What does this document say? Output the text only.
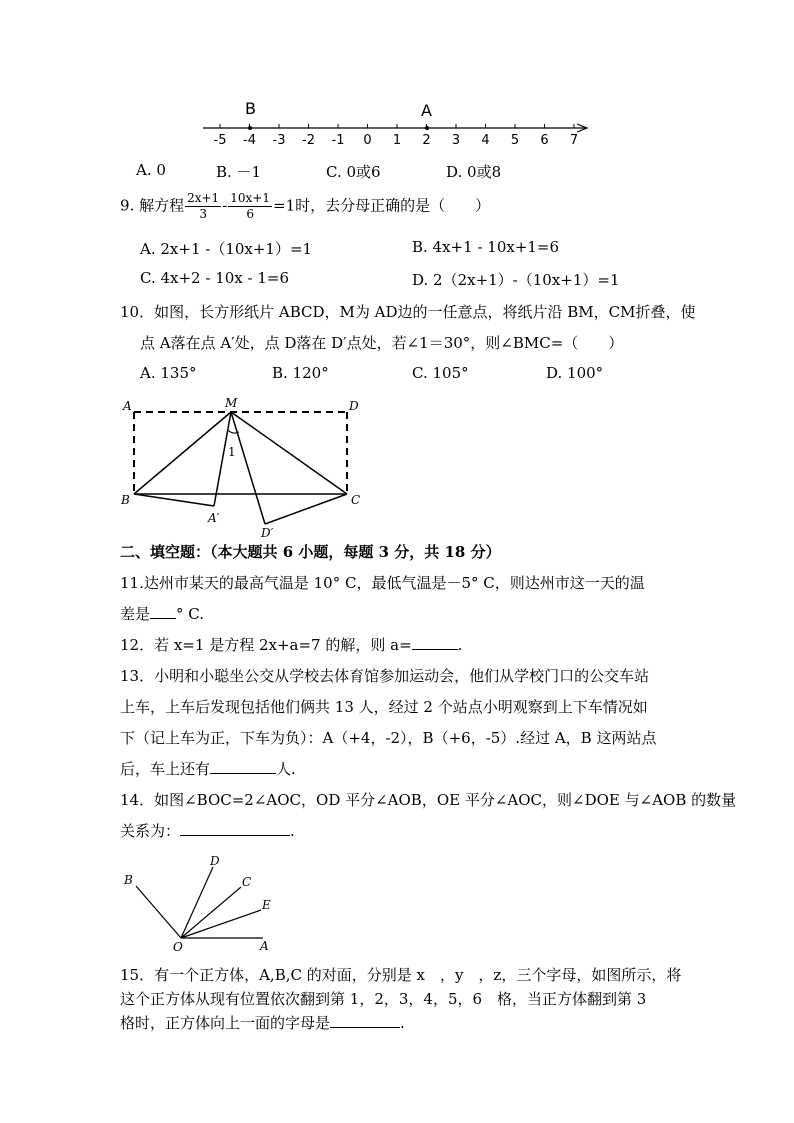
-5 -4 -3 -2 -1 0 1 2 3 4 5 6 7
B	A
A. 0	B. －1	C. 0或6	D. 0或8
9. 解方程 $\frac{2x+1}{3} - \frac{10x+1}{6} =1$时，去分母正确的是（　　）
A. 2x+1 -（10x+1）=1	B. 4x+1 - 10x+1=6
C. 4x+2 - 10x - 1=6	D. 2（2x+1）-（10x+1）=1
10．如图，长方形纸片 ABCD，M为 AD边的一任意点，将纸片沿 BM，CM折叠，使
点 A落在点 A′处，点 D落在 D′点处，若∠1＝30°，则∠BMC=（　　）
A. 135°	B. 120°	C. 105°	D. 100°
A	M	D
B	C
A′
D′
1
二、填空题：（本大题共 6 小题，每题 3 分，共 18 分）
11.达州市某天的最高气温是 10° C，最低气温是－5° C，则达州市这一天的温
差是 ° C.
12．若 x=1 是方程 2x+a=7 的解，则 a=	.
13．小明和小聪坐公交从学校去体育馆参加运动会，他们从学校门口的公交车站
上车，上车后发现包括他们俩共 13 人，经过 2 个站点小明观察到上下车情况如
下（记上车为正，下车为负）：A（+4，-2），B（+6，-5）.经过 A，B 这两站点
后，车上还有	人.
14．如图∠BOC=2∠AOC，OD 平分∠AOB，OE 平分∠AOC，则∠DOE 与∠AOB 的数量
关系为：	.
B
D
C
E
O	A
15．有一个正方体，A,B,C 的对面，分别是 x　，y　，z，三个字母，如图所示，将
这个正方体从现有位置依次翻到第 1，2，3，4，5，6　格，当正方体翻到第 3
格时，正方体向上一面的字母是	.
